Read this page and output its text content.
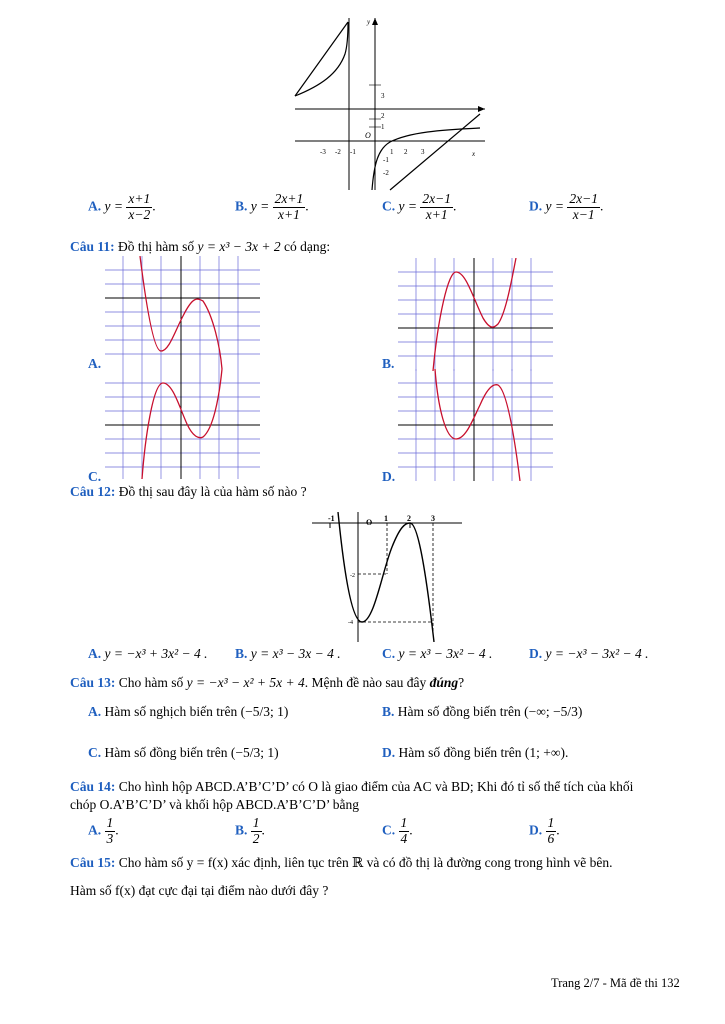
y
x
O
3
2
1
-1
-2
-3 -2 -1	1 2 3
A. $y = \frac{x+1}{x-2}$ .	B. $y = \frac{2x+1}{x+1}$ .	C. $y = \frac{2x-1}{x+1}$ .	D. $y = \frac{2x-1}{x-1}$ .
Câu 11: Đồ thị hàm số y = x³ − 3x + 2 có dạng:
A.	B.
C.	D.
Câu 12: Đồ thị sau đây là của hàm số nào ?
-1	O 1 2	3
-2
-4
A. y = −x³ + 3x² − 4 . B. y = x³ − 3x − 4 .	C. y = x³ − 3x² − 4 .	D. y = −x³ − 3x² − 4 .
Câu 13: Cho hàm số y = −x³ − x² + 5x + 4. Mệnh đề nào sau đây đúng?
A. Hàm số nghịch biến trên (−5/3; 1)	B. Hàm số đồng biến trên (−∞; −5/3)
C. Hàm số đồng biến trên (−5/3; 1)	D. Hàm số đồng biến trên (1; +∞).
Câu 14: Cho hình hộp ABCD.A’B’C’D’ có O là giao điểm của AC và BD; Khi đó tỉ số thể tích của khối
chóp O.A’B’C’D’ và khối hộp ABCD.A’B’C’D’ bằng
A. $\frac{1}{3}$ .	B. $\frac{1}{2}$ .	C. $\frac{1}{4}$ .	D. $\frac{1}{6}$ .
Câu 15: Cho hàm số y = f(x) xác định, liên tục trên ℝ và có đồ thị là đường cong trong hình vẽ bên.
Hàm số f(x) đạt cực đại tại điểm nào dưới đây ?
Trang 2/7 - Mã đề thi 132
